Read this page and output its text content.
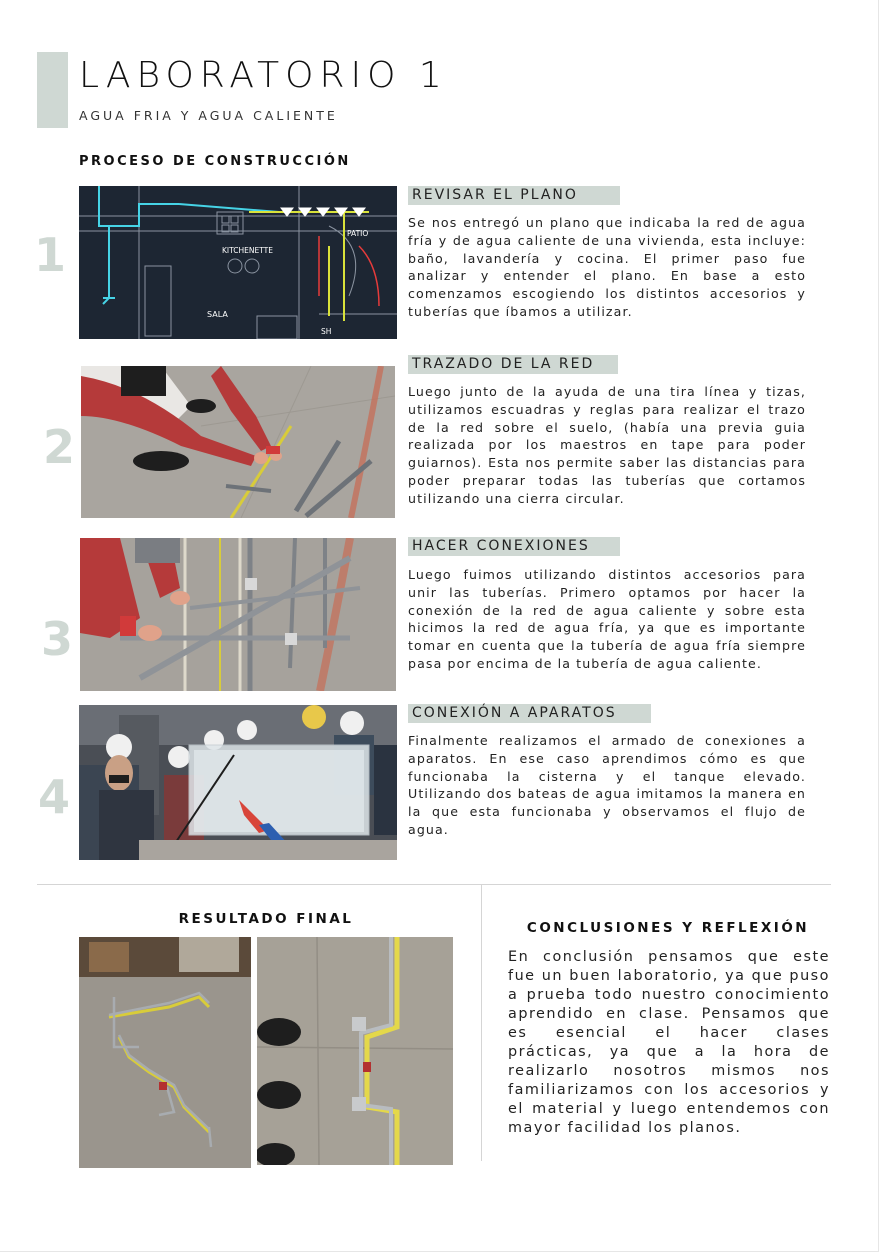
LABORATORIO 1
AGUA FRIA Y AGUA CALIENTE
PROCESO DE CONSTRUCCIÓN
1	KITCHENETTE
PATIO
SALA
SH
REVISAR EL PLANO
Se nos entregó un plano que indicaba la red de agua fría y de agua caliente de una vivienda, esta incluye: baño, lavandería y cocina. El primer paso fue analizar y entender el plano. En base a esto comenzamos escogiendo los distintos accesorios y tuberías que íbamos a utilizar.
2
TRAZADO DE LA RED
Luego junto de la ayuda de una tira línea y tizas, utilizamos escuadras y reglas para realizar el trazo de la red sobre el suelo, (había una previa guia realizada por los maestros en tape para poder guiarnos). Esta nos permite saber las distancias para poder preparar todas las tuberías que cortamos utilizando una cierra circular.
3
HACER CONEXIONES
Luego fuimos utilizando distintos accesorios para unir las tuberías. Primero optamos por hacer la conexión de la red de agua caliente y sobre esta hicimos la red de agua fría, ya que es importante tomar en cuenta que la tubería de agua fría siempre pasa por encima de la tubería de agua caliente.
4
CONEXIÓN A APARATOS
Finalmente realizamos el armado de conexiones a aparatos. En ese caso aprendimos cómo es que funcionaba la cisterna y el tanque elevado. Utilizando dos bateas de agua imitamos la manera en la que esta funcionaba y observamos el flujo de agua.
RESULTADO FINAL
CONCLUSIONES Y REFLEXIÓN
En conclusión pensamos que este fue un buen laboratorio, ya que puso a prueba todo nuestro conocimiento aprendido en clase. Pensamos que es esencial el hacer clases prácticas, ya que a la hora de realizarlo nosotros mismos nos familiarizamos con los accesorios y el material y luego entendemos con mayor facilidad los planos.
